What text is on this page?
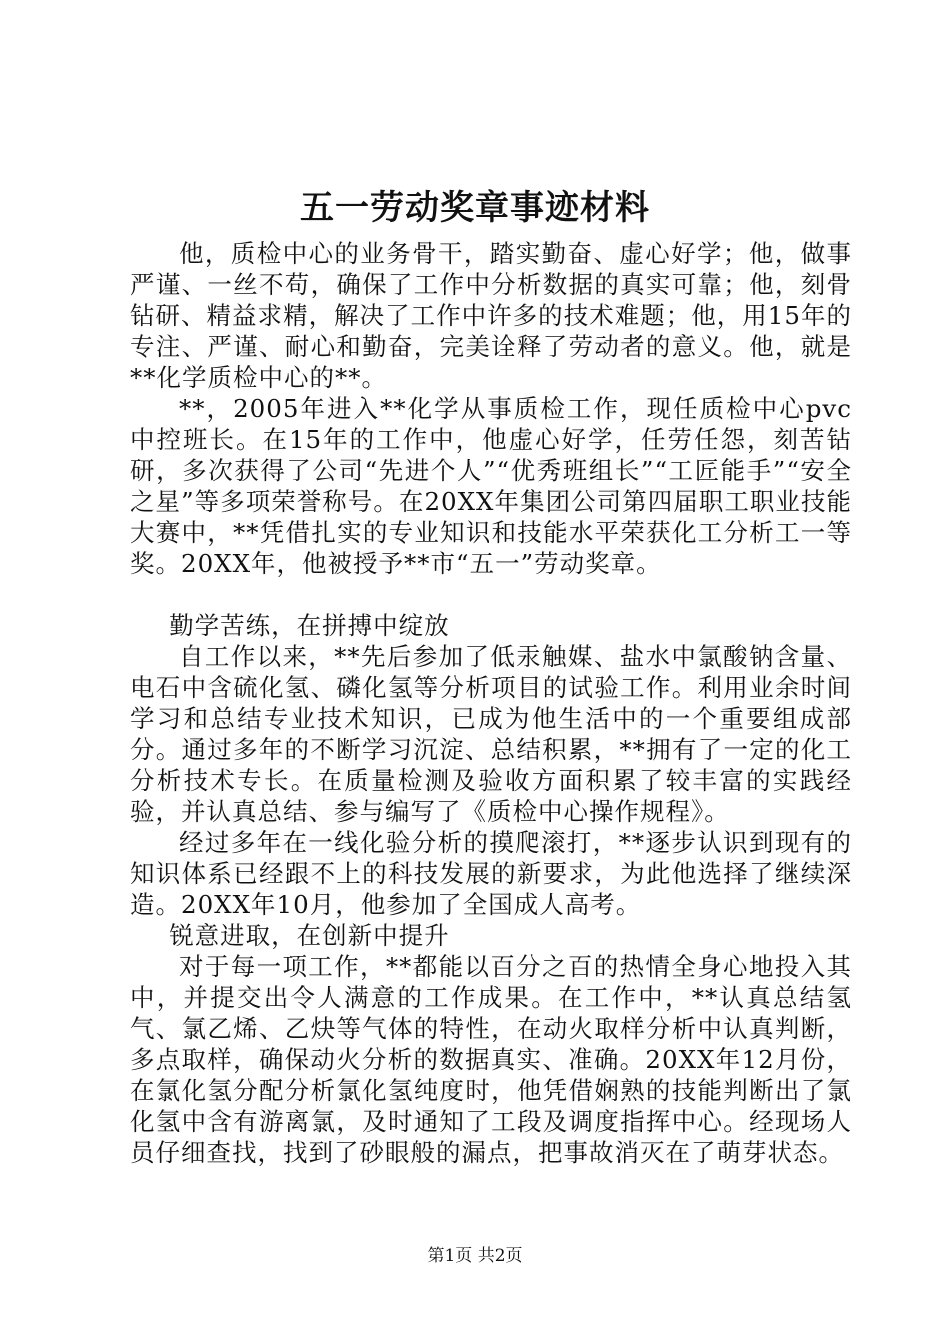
五一劳动奖章事迹材料

他，质检中心的业务骨干，踏实勤奋、虚心好学；他，做事严谨、一丝不苟，确保了工作中分析数据的真实可靠；他，刻骨钻研、精益求精，解决了工作中许多的技术难题；他，用15年的专注、严谨、耐心和勤奋，完美诠释了劳动者的意义。他，就是**化学质检中心的**。

**，2005年进入**化学从事质检工作，现任质检中心pvc中控班长。在15年的工作中，他虚心好学，任劳任怨，刻苦钻研，多次获得了公司“先进个人”“优秀班组长”“工匠能手”“安全之星”等多项荣誉称号。在20XX年集团公司第四届职工职业技能大赛中，**凭借扎实的专业知识和技能水平荣获化工分析工一等奖。20XX年，他被授予**市“五一”劳动奖章。

勤学苦练，在拼搏中绽放

自工作以来，**先后参加了低汞触媒、盐水中氯酸钠含量、电石中含硫化氢、磷化氢等分析项目的试验工作。利用业余时间学习和总结专业技术知识，已成为他生活中的一个重要组成部分。通过多年的不断学习沉淀、总结积累，**拥有了一定的化工分析技术专长。在质量检测及验收方面积累了较丰富的实践经验，并认真总结、参与编写了《质检中心操作规程》。

经过多年在一线化验分析的摸爬滚打，**逐步认识到现有的知识体系已经跟不上的科技发展的新要求，为此他选择了继续深造。20XX年10月，他参加了全国成人高考。

锐意进取，在创新中提升

对于每一项工作，**都能以百分之百的热情全身心地投入其中，并提交出令人满意的工作成果。在工作中，**认真总结氢气、氯乙烯、乙炔等气体的特性，在动火取样分析中认真判断，多点取样，确保动火分析的数据真实、准确。20XX年12月份，在氯化氢分配分析氯化氢纯度时，他凭借娴熟的技能判断出了氯化氢中含有游离氯，及时通知了工段及调度指挥中心。经现场人员仔细查找，找到了砂眼般的漏点，把事故消灭在了萌芽状态。

第1页 共2页
